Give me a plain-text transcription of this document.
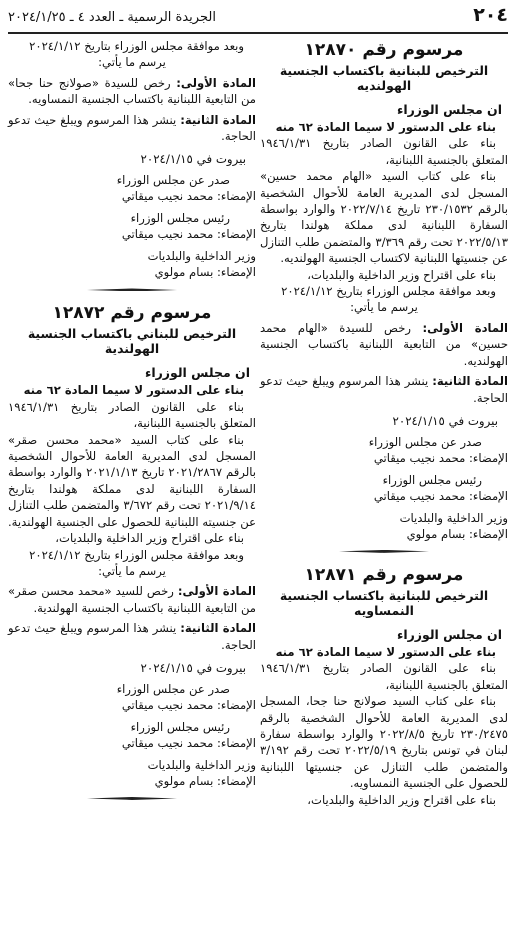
٢٠٤
الجريدة الرسمية ـ العدد ٤ ـ ٢٠٢٤/١/٢٥
مرسوم رقم ١٢٨٧٠
الترخيص للبنانية باكتساب الجنسية الهولنديه
ان مجلس الوزراء

بناء على الدستور لا سيما المادة ٦٢ منه

بناء على القانون الصادر بتاريخ ١٩٤٦/١/٣١ المتعلق بالجنسية اللبنانية،

بناء على كتاب السيد «الهام محمد حسين» المسجل لدى المديرية العامة للأحوال الشخصية بالرقم ٢٣٠/١٥٣٢ تاريخ ٢٠٢٢/٧/١٤ والوارد بواسطة السفارة اللبنانية لدى مملكة هولندا بتاريخ ٢٠٢٢/٥/١٣ تحت رقم ٣/٣٦٩ والمتضمن طلب التنازل عن جنسيتها اللبنانية لاكتساب الجنسية الهولنديه.

بناء على اقتراح وزير الداخلية والبلديات،

وبعد موافقة مجلس الوزراء بتاريخ ٢٠٢٤/١/١٢

يرسم ما يأتي:

المادة الأولى: رخص للسيدة «الهام محمد حسين» من التابعية اللبنانية باكتساب الجنسية الهولنديه.

المادة الثانية: ينشر هذا المرسوم ويبلغ حيث تدعو الحاجة.

بيروت في ٢٠٢٤/١/١٥

صدر عن مجلس الوزراء

الإمضاء: محمد نجيب ميقاتي

رئيس مجلس الوزراء

الإمضاء: محمد نجيب ميقاتي

وزير الداخلية والبلديات

الإمضاء: بسام مولوي

مرسوم رقم ١٢٨٧١
الترخيص للبنانية باكتساب الجنسية النمساويه
ان مجلس الوزراء

بناء على الدستور لا سيما المادة ٦٢ منه

بناء على القانون الصادر بتاريخ ١٩٤٦/١/٣١ المتعلق بالجنسية اللبنانية،

بناء على كتاب السيد صولانج حنا جحا، المسجل لدى المديرية العامة للأحوال الشخصية بالرقم ٢٣٠/٢٤٧٥ تاريخ ٢٠٢٢/٨/٥ والوارد بواسطة سفارة لبنان في تونس بتاريخ ٢٠٢٢/٥/١٩ تحت رقم ٣/١٩٢ والمتضمن طلب التنازل عن جنسيتها اللبنانية للحصول على الجنسية النمساويه.

بناء على اقتراح وزير الداخلية والبلديات،

وبعد موافقة مجلس الوزراء بتاريخ ٢٠٢٤/١/١٢

يرسم ما يأتي:

المادة الأولى: رخص للسيدة «صولانج حنا جحا» من التابعية اللبنانية باكتساب الجنسية النمساويه.

المادة الثانية: ينشر هذا المرسوم ويبلغ حيث تدعو الحاجة.

بيروت في ٢٠٢٤/١/١٥

صدر عن مجلس الوزراء

الإمضاء: محمد نجيب ميقاتي

رئيس مجلس الوزراء

الإمضاء: محمد نجيب ميقاتي

وزير الداخلية والبلديات

الإمضاء: بسام مولوي

مرسوم رقم ١٢٨٧٢
الترخيص للبناني باكتساب الجنسية الهولندية
ان مجلس الوزراء

بناء على الدستور لا سيما المادة ٦٢ منه

بناء على القانون الصادر بتاريخ ١٩٤٦/١/٣١ المتعلق بالجنسية اللبنانية،

بناء على كتاب السيد «محمد محسن صقر» المسجل لدى المديرية العامة للأحوال الشخصية بالرقم ٢٠٢١/٢٨٦٧ تاريخ ٢٠٢١/١/١٣ والوارد بواسطة السفارة اللبنانية لدى مملكة هولندا بتاريخ ٢٠٢١/٩/١٤ تحت رقم ٣/٦٧٢ والمتضمن طلب التنازل عن جنسيته اللبنانية للحصول على الجنسية الهولندية.

بناء على اقتراح وزير الداخلية والبلديات،

وبعد موافقة مجلس الوزراء بتاريخ ٢٠٢٤/١/١٢

يرسم ما يأتي:

المادة الأولى: رخص للسيد «محمد محسن صقر» من التابعية اللبنانية باكتساب الجنسية الهولندية.

المادة الثانية: ينشر هذا المرسوم ويبلغ حيث تدعو الحاجة.

بيروت في ٢٠٢٤/١/١٥

صدر عن مجلس الوزراء

الإمضاء: محمد نجيب ميقاتي

رئيس مجلس الوزراء

الإمضاء: محمد نجيب ميقاتي

وزير الداخلية والبلديات

الإمضاء: بسام مولوي
